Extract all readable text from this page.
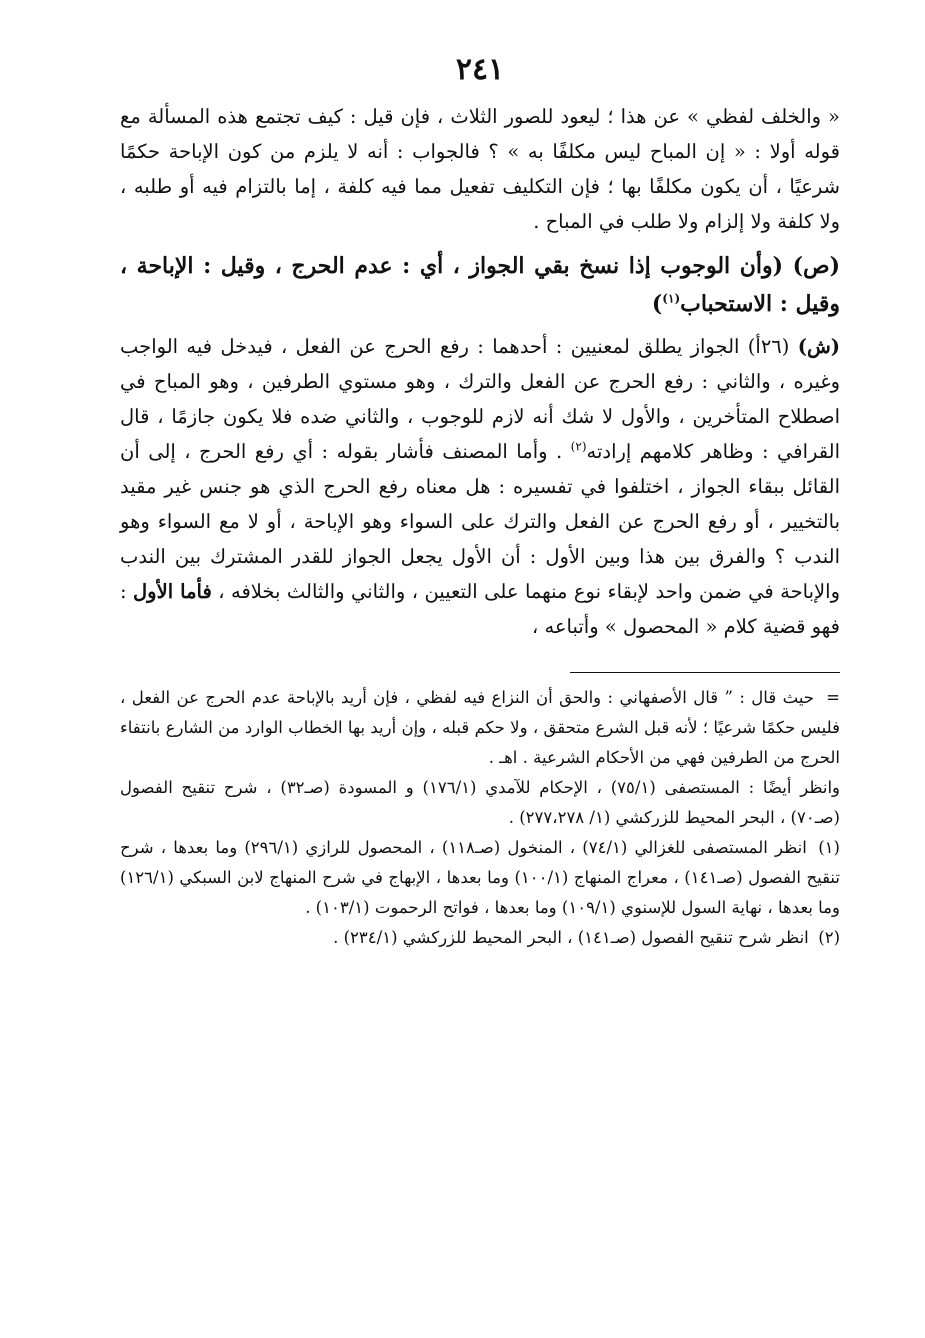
٢٤١

« والخلف لفظي » عن هذا ؛ ليعود للصور الثلاث ، فإن قيل : كيف تجتمع هذه المسألة مع قوله أولا : « إن المباح ليس مكلفًا به » ؟ فالجواب : أنه لا يلزم من كون الإباحة حكمًا شرعيًا ، أن يكون مكلفًا بها ؛ فإن التكليف تفعيل مما فيه كلفة ، إما بالتزام فيه أو طلبه ، ولا كلفة ولا إلزام ولا طلب في المباح .

(ص) (وأن الوجوب إذا نسخ بقي الجواز ، أي : عدم الحرج ، وقيل : الإباحة ، وقيل : الاستحباب$^{(١)}$)

(ش) (٢٦أ) الجواز يطلق لمعنيين : أحدهما : رفع الحرج عن الفعل ، فيدخل فيه الواجب وغيره ، والثاني : رفع الحرج عن الفعل والترك ، وهو مستوي الطرفين ، وهو المباح في اصطلاح المتأخرين ، والأول لا شك أنه لازم للوجوب ، والثاني ضده فلا يكون جازمًا ، قال القرافي : وظاهر كلامهم إرادته$^{(٢)}$ . وأما المصنف فأشار بقوله : أي رفع الحرج ، إلى أن القائل ببقاء الجواز ، اختلفوا في تفسيره : هل معناه رفع الحرج الذي هو جنس غير مقيد بالتخيير ، أو رفع الحرج عن الفعل والترك على السواء وهو الإباحة ، أو لا مع السواء وهو الندب ؟ والفرق بين هذا وبين الأول : أن الأول يجعل الجواز للقدر المشترك بين الندب والإباحة في ضمن واحد لإبقاء نوع منهما على التعيين ، والثاني والثالث بخلافه ، فأما الأول : فهو قضية كلام « المحصول » وأتباعه ،

=حيث قال : ” قال الأصفهاني : والحق أن النزاع فيه لفظي ، فإن أريد بالإباحة عدم الحرج عن الفعل ، فليس حكمًا شرعيًا ؛ لأنه قبل الشرع متحقق ، ولا حكم قبله ، وإن أريد بها الخطاب الوارد من الشارع بانتفاء الحرج من الطرفين فهي من الأحكام الشرعية . اهـ .

وانظر أيضًا : المستصفى (٧٥/١) ، الإحكام للآمدي (١٧٦/١) و المسودة (صـ٣٢) ، شرح تنقيح الفصول (صـ٧٠) ، البحر المحيط للزركشي (١/ ٢٧٧،٢٧٨) .

(١) انظر المستصفى للغزالي (٧٤/١) ، المنخول (صـ١١٨) ، المحصول للرازي (٢٩٦/١) وما بعدها ، شرح تنقيح الفصول (صـ١٤١) ، معراج المنهاج (١٠٠/١) وما بعدها ، الإبهاج في شرح المنهاج لابن السبكي (١٢٦/١) وما بعدها ، نهاية السول للإسنوي (١٠٩/١) وما بعدها ، فواتح الرحموت (١٠٣/١) .

(٢) انظر شرح تنقيح الفصول (صـ١٤١) ، البحر المحيط للزركشي (٢٣٤/١) .
